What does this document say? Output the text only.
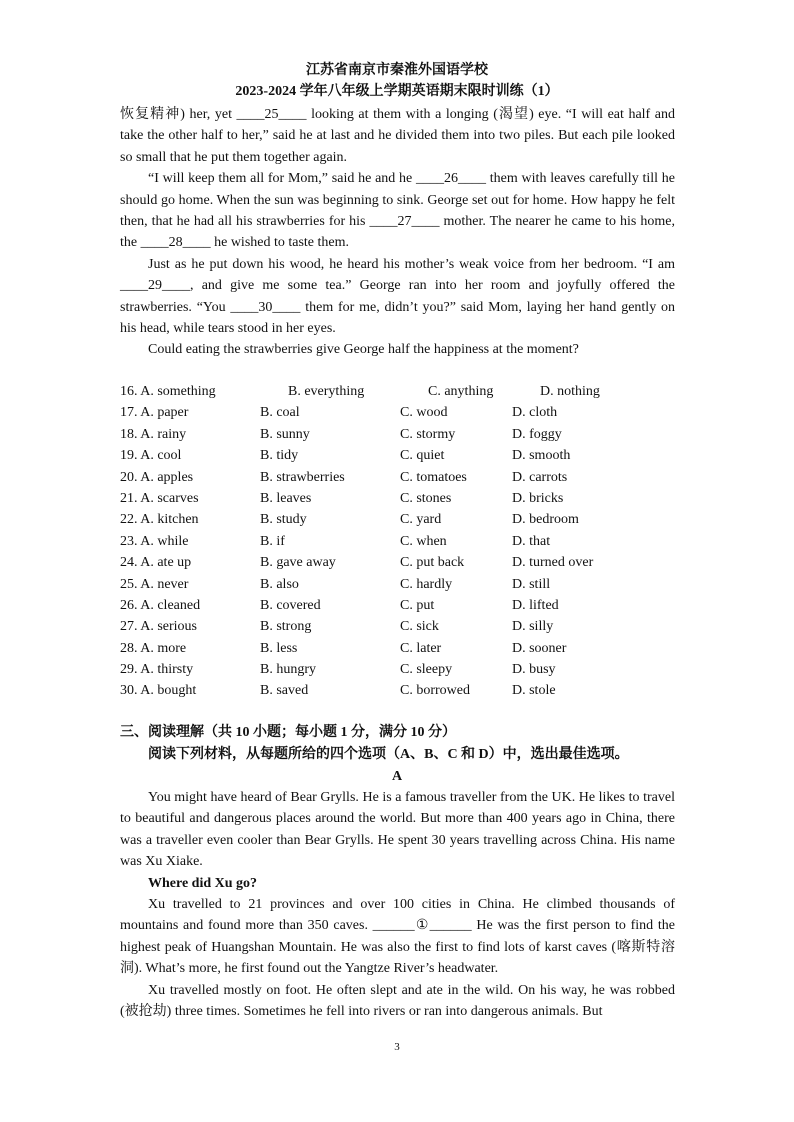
江苏省南京市秦淮外国语学校
2023-2024 学年八年级上学期英语期末限时训练（1）

恢复精神) her, yet ____25____ looking at them with a longing (渴望) eye. “I will eat half and take the other half to her,” said he at last and he divided them into two piles. But each pile looked so small that he put them together again.

“I will keep them all for Mom,” said he and he ____26____ them with leaves carefully till he should go home. When the sun was beginning to sink. George set out for home. How happy he felt then, that he had all his strawberries for his ____27____ mother. The nearer he came to his home, the ____28____ he wished to taste them.

Just as he put down his wood, he heard his mother’s weak voice from her bedroom. “I am ____29____, and give me some tea.” George ran into her room and joyfully offered the strawberries. “You ____30____ them for me, didn’t you?” said Mom, laying her hand gently on his head, while tears stood in her eyes.

Could eating the strawberries give George half the happiness at the moment?

16. A. something	B. everything	C. anything	D. nothing
17. A. paper	B. coal	C. wood	D. cloth
18. A. rainy	B. sunny	C. stormy	D. foggy
19. A. cool	B. tidy	C. quiet	D. smooth
20. A. apples	B. strawberries	C. tomatoes	D. carrots
21. A. scarves	B. leaves	C. stones	D. bricks
22. A. kitchen	B. study	C. yard	D. bedroom
23. A. while	B. if	C. when	D. that
24. A. ate up	B. gave away	C. put back	D. turned over
25. A. never	B. also	C. hardly	D. still
26. A. cleaned	B. covered	C. put	D. lifted
27. A. serious	B. strong	C. sick	D. silly
28. A. more	B. less	C. later	D. sooner
29. A. thirsty	B. hungry	C. sleepy	D. busy
30. A. bought	B. saved	C. borrowed	D. stole
三、阅读理解（共 10 小题；每小题 1 分，满分 10 分）
阅读下列材料，从每题所给的四个选项（A、B、C 和 D）中，选出最佳选项。
A

You might have heard of Bear Grylls. He is a famous traveller from the UK. He likes to travel to beautiful and dangerous places around the world. But more than 400 years ago in China, there was a traveller even cooler than Bear Grylls. He spent 30 years travelling across China. His name was Xu Xiake.

Where did Xu go?

Xu travelled to 21 provinces and over 100 cities in China. He climbed thousands of mountains and found more than 350 caves. ______①______ He was the first person to find the highest peak of Huangshan Mountain. He was also the first to find lots of karst caves (喀斯特溶洞). What’s more, he first found out the Yangtze River’s headwater.

Xu travelled mostly on foot. He often slept and ate in the wild. On his way, he was robbed (被抢劫) three times. Sometimes he fell into rivers or ran into dangerous animals. But

3
